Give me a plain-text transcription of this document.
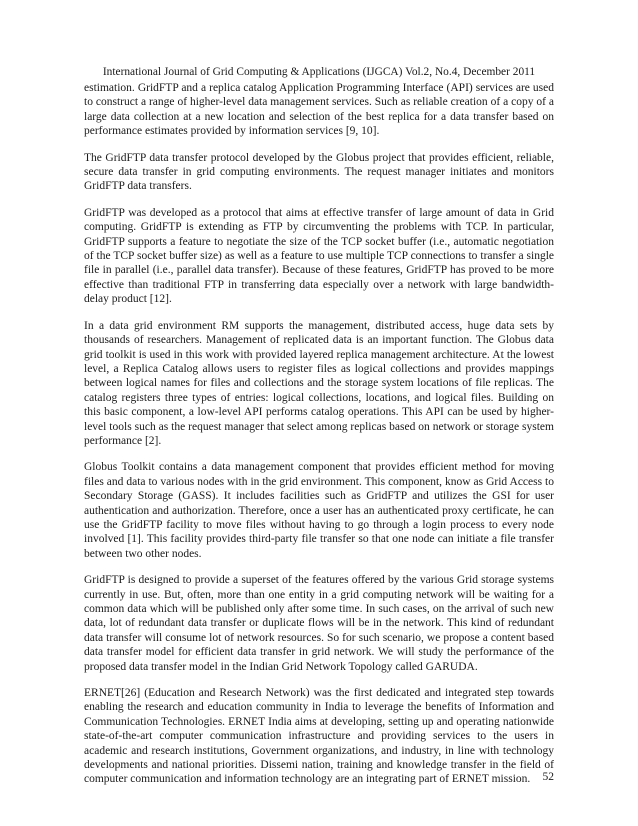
International Journal of Grid Computing & Applications (IJGCA) Vol.2, No.4, December 2011

estimation. GridFTP and a replica catalog Application Programming Interface (API) services are used to construct a range of higher-level data management services. Such as reliable creation of a copy of a large data collection at a new location and selection of the best replica for a data transfer based on performance estimates provided by information services [9, 10].

The GridFTP data transfer protocol developed by the Globus project that provides efficient, reliable, secure data transfer in grid computing environments. The request manager initiates and monitors GridFTP data transfers.

GridFTP was developed as a protocol that aims at effective transfer of large amount of data in Grid computing. GridFTP is extending as FTP by circumventing the problems with TCP. In particular, GridFTP supports a feature to negotiate the size of the TCP socket buffer (i.e., automatic negotiation of the TCP socket buffer size) as well as a feature to use multiple TCP connections to transfer a single file in parallel (i.e., parallel data transfer). Because of these features, GridFTP has proved to be more effective than traditional FTP in transferring data especially over a network with large bandwidth-delay product [12].

In a data grid environment RM supports the management, distributed access, huge data sets by thousands of researchers. Management of replicated data is an important function. The Globus data grid toolkit is used in this work with provided layered replica management architecture. At the lowest level, a Replica Catalog allows users to register files as logical collections and provides mappings between logical names for files and collections and the storage system locations of file replicas. The catalog registers three types of entries: logical collections, locations, and logical files. Building on this basic component, a low-level API performs catalog operations. This API can be used by higher-level tools such as the request manager that select among replicas based on network or storage system performance [2].

Globus Toolkit contains a data management component that provides efficient method for moving files and data to various nodes with in the grid environment. This component, know as Grid Access to Secondary Storage (GASS). It includes facilities such as GridFTP and utilizes the GSI for user authentication and authorization. Therefore, once a user has an authenticated proxy certificate, he can use the GridFTP facility to move files without having to go through a login process to every node involved [1]. This facility provides third-party file transfer so that one node can initiate a file transfer between two other nodes.

GridFTP is designed to provide a superset of the features offered by the various Grid storage systems currently in use. But, often, more than one entity in a grid computing network will be waiting for a common data which will be published only after some time. In such cases, on the arrival of such new data, lot of redundant data transfer or duplicate flows will be in the network. This kind of redundant data transfer will consume lot of network resources. So for such scenario, we propose a content based data transfer model for efficient data transfer in grid network. We will study the performance of the proposed data transfer model in the Indian Grid Network Topology called GARUDA.

ERNET[26] (Education and Research Network) was the first dedicated and integrated step towards enabling the research and education community in India to leverage the benefits of Information and Communication Technologies. ERNET India aims at developing, setting up and operating nationwide state-of-the-art computer communication infrastructure and providing services to the users in academic and research institutions, Government organizations, and industry, in line with technology developments and national priorities. Dissemi nation, training and knowledge transfer in the field of computer communication and information technology are an integrating part of ERNET mission.	52
